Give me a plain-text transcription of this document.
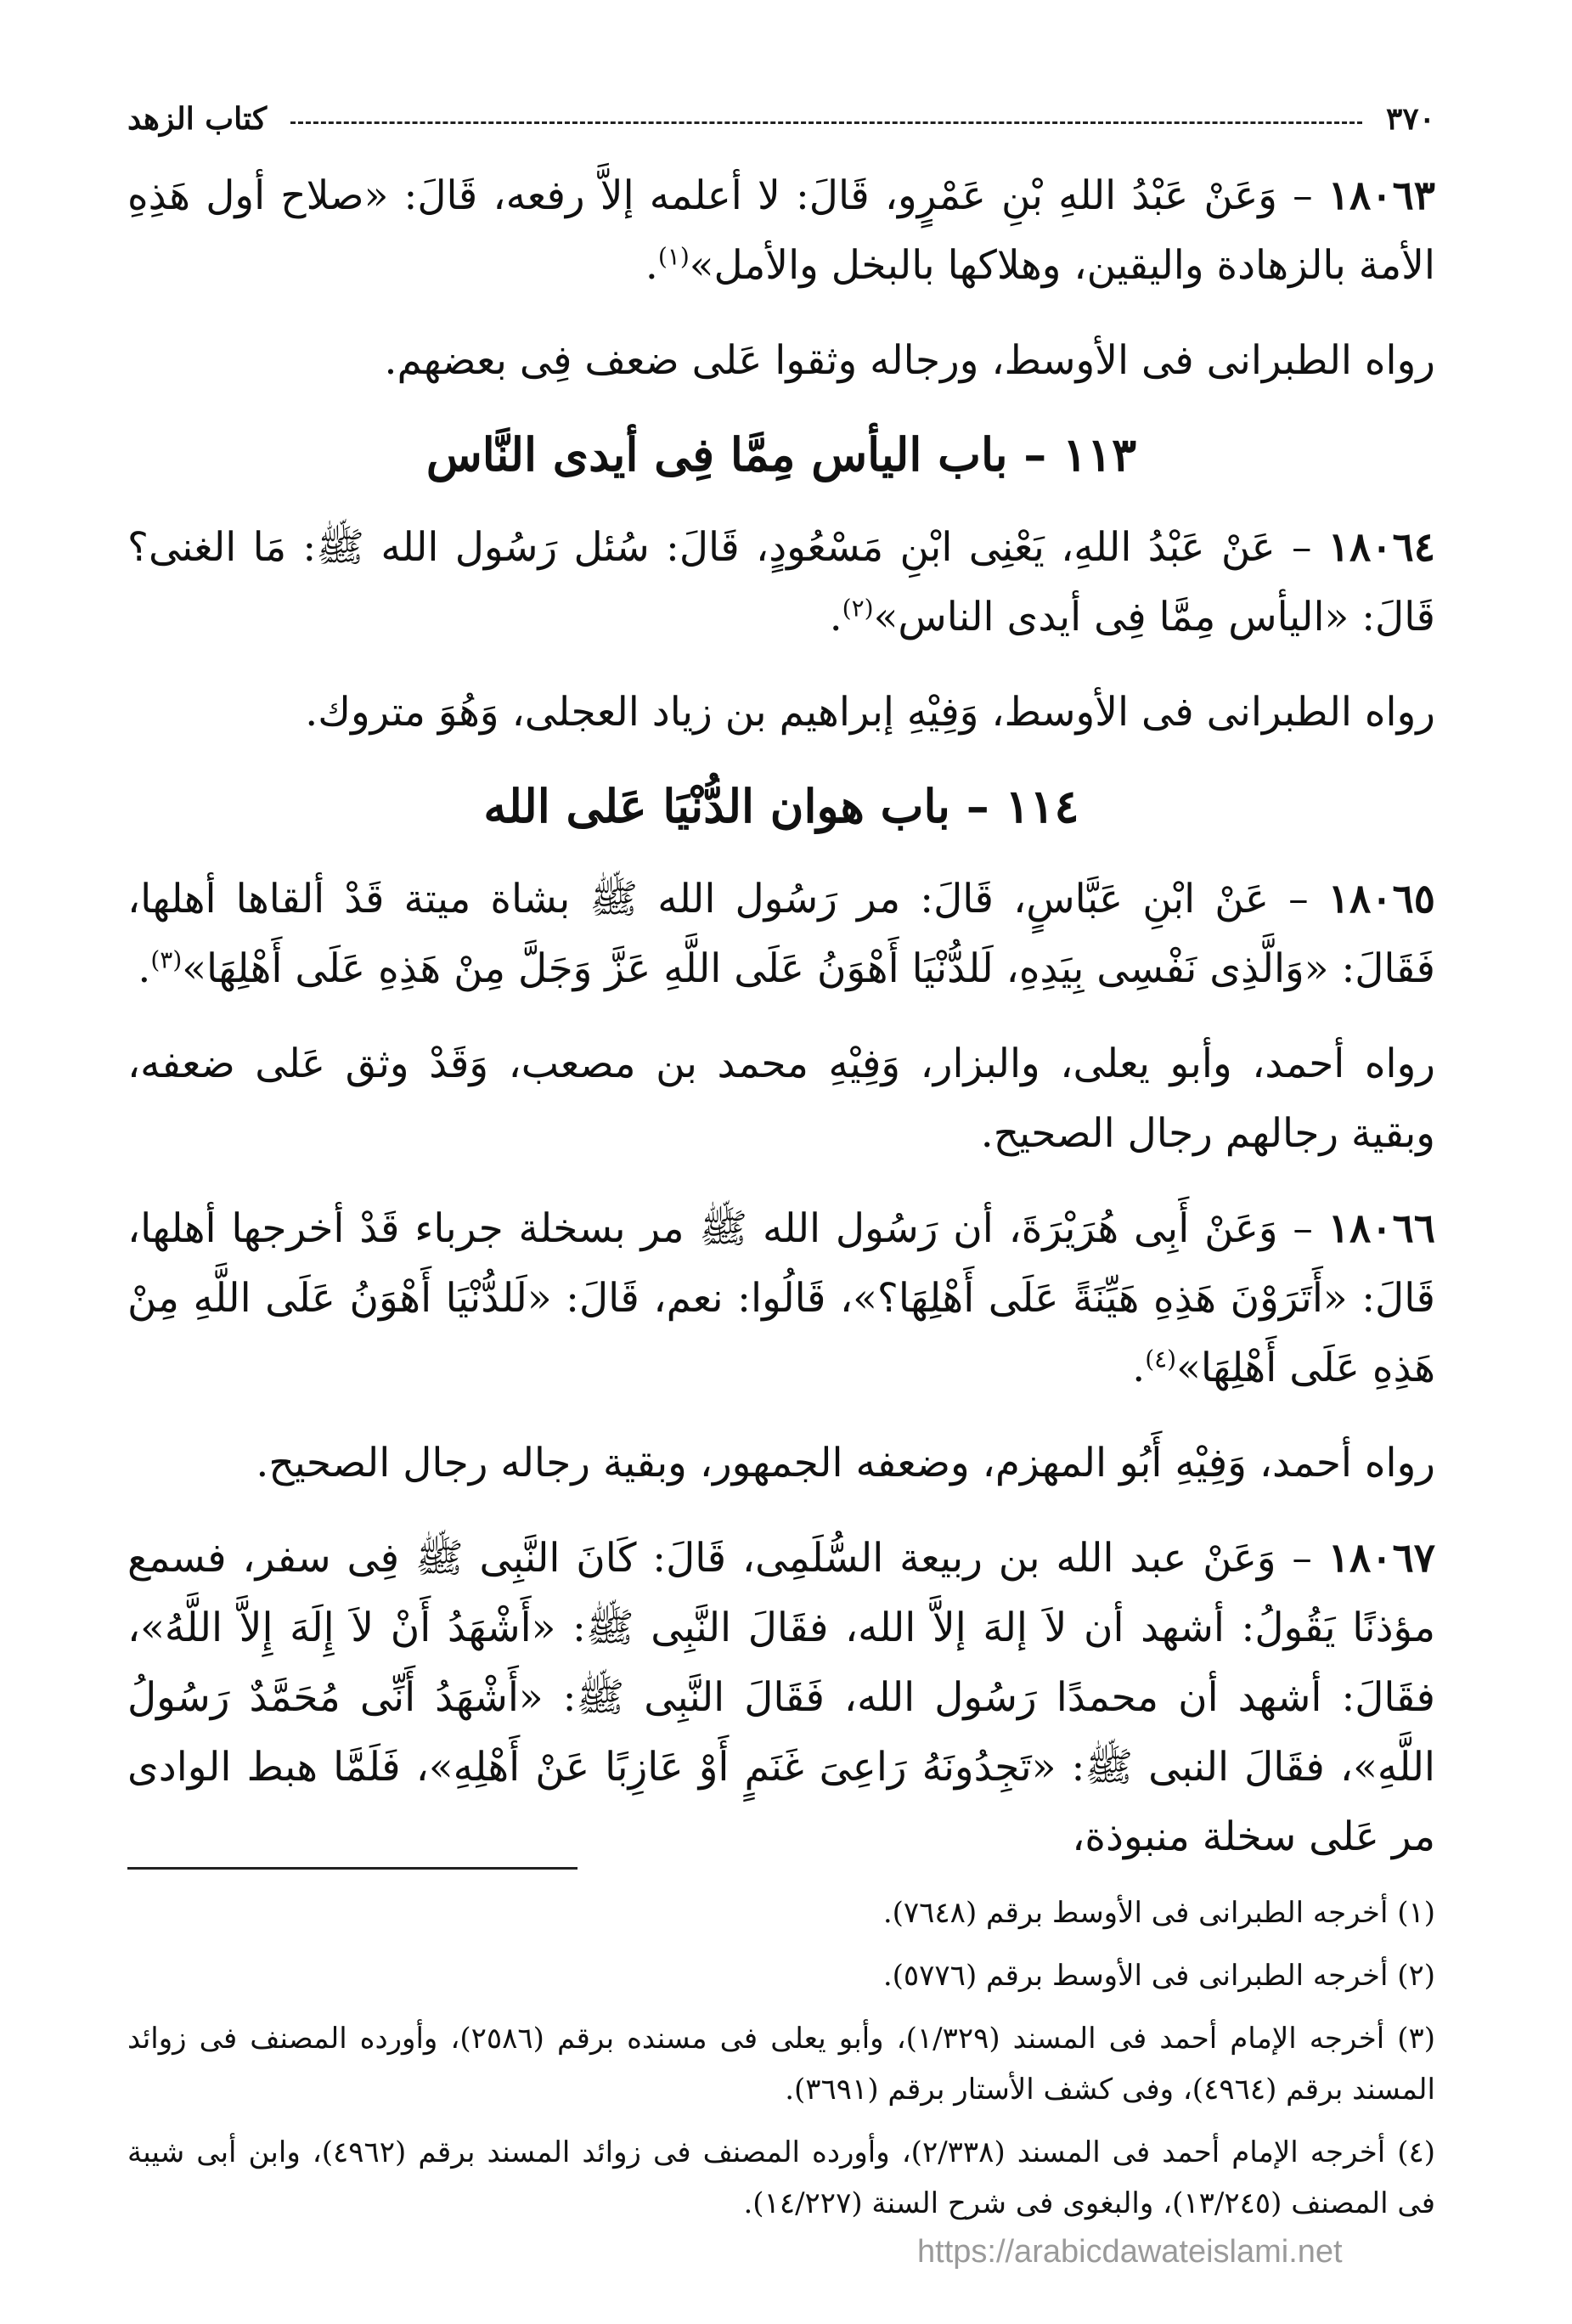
٣٧٠
كتاب الزهد

١٨٠٦٣ – وَعَنْ عَبْدُ اللهِ بْنِ عَمْرٍو، قَالَ: لا أعلمه إلاَّ رفعه، قَالَ: «صلاح أول هَذِهِ الأمة بالزهادة واليقين، وهلاكها بالبخل والأمل»$^{(١)}$.

رواه الطبرانى فى الأوسط، ورجاله وثقوا عَلى ضعف فِى بعضهم.

١١٣ – باب اليأس مِمَّا فِى أيدى النَّاس

١٨٠٦٤ – عَنْ عَبْدُ اللهِ، يَعْنِى ابْنِ مَسْعُودٍ، قَالَ: سُئل رَسُول الله ﷺ: مَا الغنى؟ قَالَ: «اليأس مِمَّا فِى أيدى الناس»$^{(٢)}$.

رواه الطبرانى فى الأوسط، وَفِيْهِ إبراهيم بن زياد العجلى، وَهُوَ متروك.

١١٤ – باب هوان الدُّنْيَا عَلى الله

١٨٠٦٥ – عَنْ ابْنِ عَبَّاسٍ، قَالَ: مر رَسُول الله ﷺ بشاة ميتة قَدْ ألقاها أهلها، فَقَالَ: «وَالَّذِى نَفْسِى بِيَدِهِ، لَلدُّنْيَا أَهْوَنُ عَلَى اللَّهِ عَزَّ وَجَلَّ مِنْ هَذِهِ عَلَى أَهْلِهَا»$^{(٣)}$.

رواه أحمد، وأبو يعلى، والبزار، وَفِيْهِ محمد بن مصعب، وَقَدْ وثق عَلى ضعفه، وبقية رجالهم رجال الصحيح.

١٨٠٦٦ – وَعَنْ أَبِى هُرَيْرَةَ، أن رَسُول الله ﷺ مر بسخلة جرباء قَدْ أخرجها أهلها، قَالَ: «أَتَرَوْنَ هَذِهِ هَيِّنَةً عَلَى أَهْلِهَا؟»، قَالُوا: نعم، قَالَ: «لَلدُّنْيَا أَهْوَنُ عَلَى اللَّهِ مِنْ هَذِهِ عَلَى أَهْلِهَا»$^{(٤)}$.

رواه أحمد، وَفِيْهِ أَبُو المهزم، وضعفه الجمهور، وبقية رجاله رجال الصحيح.

١٨٠٦٧ – وَعَنْ عبد الله بن ربيعة السُّلَمِى، قَالَ: كَانَ النَّبِى ﷺ فِى سفر، فسمع مؤذنًا يَقُولُ: أشهد أن لاَ إلهَ إلاَّ الله، فقَالَ النَّبِى ﷺ: «أَشْهَدُ أَنْ لاَ إِلَهَ إِلاَّ اللَّهُ»، فقَالَ: أشهد أن محمدًا رَسُول الله، فَقَالَ النَّبِى ﷺ: «أَشْهَدُ أَنِّى مُحَمَّدٌ رَسُولُ اللَّهِ»، فقَالَ النبى ﷺ: «تَجِدُونَهُ رَاعِىَ غَنَمٍ أَوْ عَازِبًا عَنْ أَهْلِهِ»، فَلَمَّا هبط الوادى مر عَلى سخلة منبوذة،

(١) أخرجه الطبرانى فى الأوسط برقم (٧٦٤٨).

(٢) أخرجه الطبرانى فى الأوسط برقم (٥٧٧٦).

(٣) أخرجه الإمام أحمد فى المسند (١/٣٢٩)، وأبو يعلى فى مسنده برقم (٢٥٨٦)، وأورده المصنف فى زوائد المسند برقم (٤٩٦٤)، وفى كشف الأستار برقم (٣٦٩١).

(٤) أخرجه الإمام أحمد فى المسند (٢/٣٣٨)، وأورده المصنف فى زوائد المسند برقم (٤٩٦٢)، وابن أبى شيبة فى المصنف (١٣/٢٤٥)، والبغوى فى شرح السنة (١٤/٢٢٧).

https://arabicdawateislami.net
